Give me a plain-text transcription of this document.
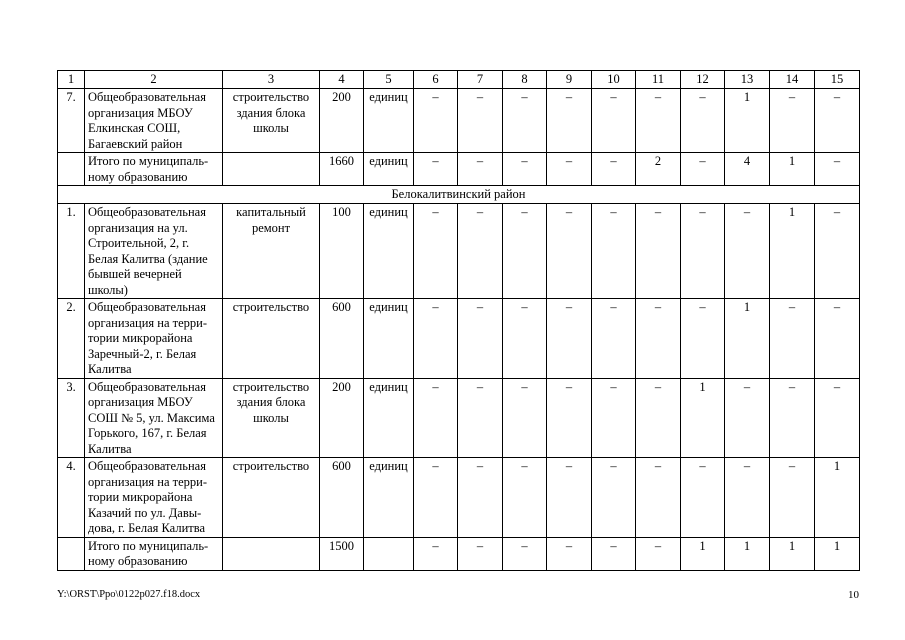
1	2	3	4	5	6	7	8	9	10	11	12	13	14	15
7.	Общеобразовательная организация МБОУ Елкинская СОШ, Багаевский район	строительство здания блока школы	200	единиц	–	–	–	–	–	–	–	1	–	–
	Итого по муниципаль-ному образованию		1660	единиц	–	–	–	–	–	2	–	4	1	–
Белокалитвинский район														
1.	Общеобразовательная организация на ул. Строительной, 2, г. Белая Калитва (здание бывшей вечерней школы)	капитальный ремонт	100	единиц	–	–	–	–	–	–	–	–	1	–
2.	Общеобразовательная организация на терри-тории микрорайона Заречный-2, г. Белая Калитва	строительство	600	единиц	–	–	–	–	–	–	–	1	–	–
3.	Общеобразовательная организация МБОУ СОШ № 5, ул. Максима Горького, 167, г. Белая Калитва	строительство здания блока школы	200	единиц	–	–	–	–	–	–	1	–	–	–
4.	Общеобразовательная организация на терри-тории микрорайона Казачий по ул. Давы-дова, г. Белая Калитва	строительство	600	единиц	–	–	–	–	–	–	–	–	–	1
	Итого по муниципаль-ному образованию		1500		–	–	–	–	–	–	1	1	1	1
Y:\ORST\Ppo\0122p027.f18.docx	10
